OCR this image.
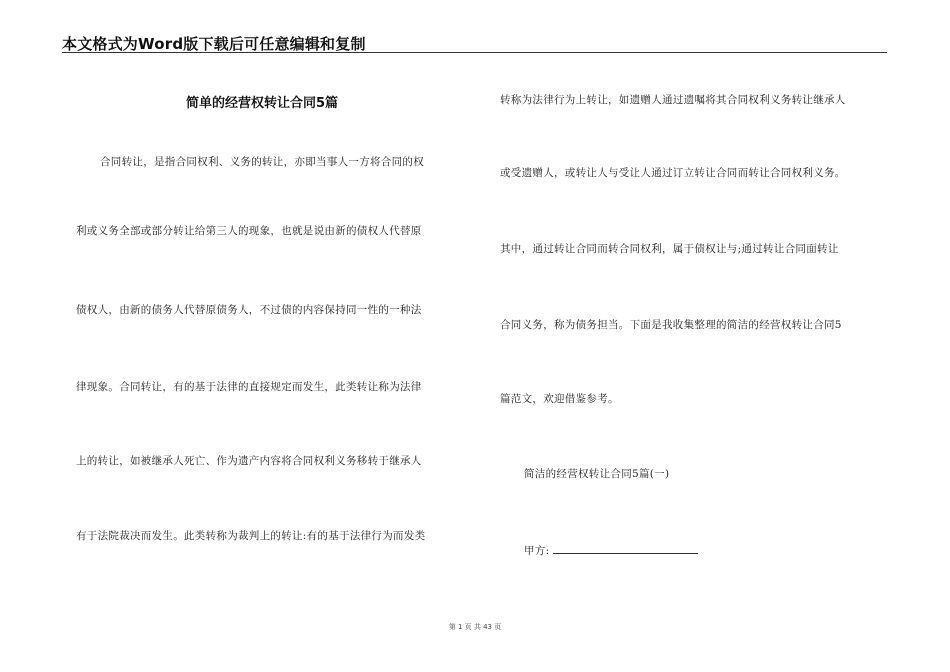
本文格式为Word版下载后可任意编辑和复制
简单的经营权转让合同5篇
合同转让，是指合同权利、义务的转让，亦即当事人一方将合同的权
利或义务全部或部分转让给第三人的现象，也就是说由新的债权人代替原
债权人，由新的债务人代替原债务人，不过债的内容保持同一性的一种法
律现象。合同转让，有的基于法律的直接规定而发生，此类转让称为法律
上的转让，如被继承人死亡、作为遗产内容将合同权利义务移转于继承人
有于法院裁决而发生。此类转称为裁判上的转让:有的基于法律行为而发类
转称为法律行为上转让，如遗赠人通过遗嘱将其合同权利义务转让继承人
或受遗赠人，或转让人与受让人通过订立转让合同而转让合同权利义务。
其中，通过转让合同而转合同权利，属于债权让与;通过转让合同面转让
合同义务，称为债务担当。下面是我收集整理的简洁的经营权转让合同5
篇范文，欢迎借鉴参考。
简洁的经营权转让合同5篇(一)
甲方:
第 1 页 共 43 页
